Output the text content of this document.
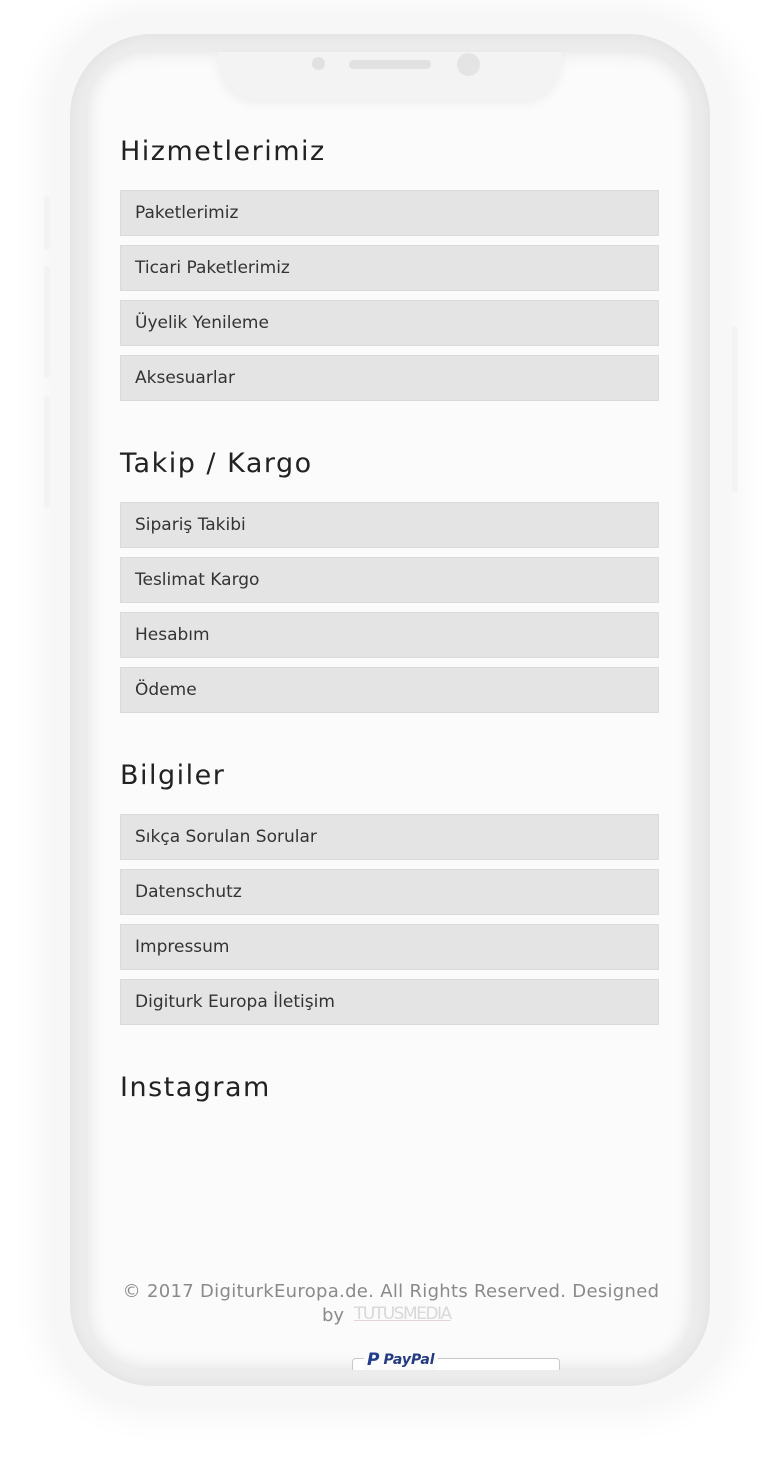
Hizmetlerimiz
Paketlerimiz
Ticari Paketlerimiz
Üyelik Yenileme
Aksesuarlar
Takip / Kargo
Sipariş Takibi
Teslimat Kargo
Hesabım
Ödeme
Bilgiler
Sıkça Sorulan Sorular
Datenschutz
Impressum
Digiturk Europa İletişim
Instagram
© 2017 DigiturkEuropa.de. All Rights Reserved. Designed
by TUTUSMEDIA
P PayPal
